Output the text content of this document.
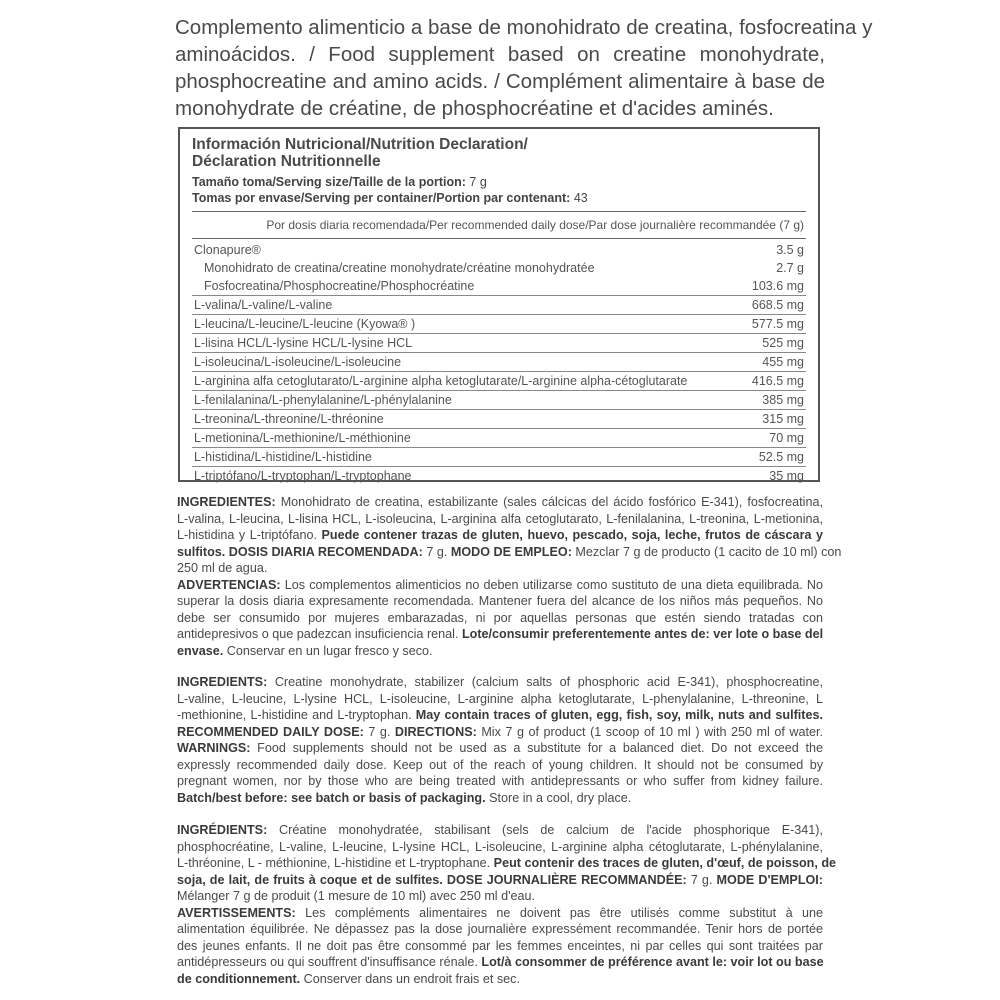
Complemento alimenticio a base de monohidrato de creatina, fosfocreatina y
aminoácidos. / Food supplement based on creatine monohydrate,
phosphocreatine and amino acids. / Complément alimentaire à base de
monohydrate de créatine, de phosphocréatine et d'acides aminés.
Información Nutricional/Nutrition Declaration/
Déclaration Nutritionnelle
Tamaño toma/Serving size/Taille de la portion: 7 g
Tomas por envase/Serving per container/Portion par contenant: 43
Por dosis diaria recomendada/Per recommended daily dose/Par dose journalière recommandée (7 g)
Clonapure®	3.5 g
Monohidrato de creatina/creatine monohydrate/créatine monohydratée	2.7 g
Fosfocreatina/Phosphocreatine/Phosphocréatine	103.6 mg
L-valina/L-valine/L-valine	668.5 mg
L-leucina/L-leucine/L-leucine (Kyowa® )	577.5 mg
L-lisina HCL/L-lysine HCL/L-lysine HCL	525 mg
L-isoleucina/L-isoleucine/L-isoleucine	455 mg
L-arginina alfa cetoglutarato/L-arginine alpha ketoglutarate/L-arginine alpha-cétoglutarate	416.5 mg
L-fenilalanina/L-phenylalanine/L-phénylalanine	385 mg
L-treonina/L-threonine/L-thréonine	315 mg
L-metionina/L-methionine/L-méthionine	70 mg
L-histidina/L-histidine/L-histidine	52.5 mg
L-triptófano/L-tryptophan/L-tryptophane	35 mg
INGREDIENTES: Monohidrato de creatina, estabilizante (sales cálcicas del ácido fosfórico E-341), fosfocreatina,
L-valina, L-leucina, L-lisina HCL, L-isoleucina, L-arginina alfa cetoglutarato, L-fenilalanina, L-treonina, L-metionina,
L-histidina y L-triptófano. Puede contener trazas de gluten, huevo, pescado, soja, leche, frutos de cáscara y
sulfitos. DOSIS DIARIA RECOMENDADA: 7 g. MODO DE EMPLEO: Mezclar 7 g de producto (1 cacito de 10 ml) con
250 ml de agua.
ADVERTENCIAS: Los complementos alimenticios no deben utilizarse como sustituto de una dieta equilibrada. No
superar la dosis diaria expresamente recomendada. Mantener fuera del alcance de los niños más pequeños. No
debe ser consumido por mujeres embarazadas, ni por aquellas personas que estén siendo tratadas con
antidepresivos o que padezcan insuficiencia renal. Lote/consumir preferentemente antes de: ver lote o base del
envase. Conservar en un lugar fresco y seco.
INGREDIENTS: Creatine monohydrate, stabilizer (calcium salts of phosphoric acid E-341), phosphocreatine,
L-valine, L-leucine, L-lysine HCL, L-isoleucine, L-arginine alpha ketoglutarate, L-phenylalanine, L-threonine, L
-methionine, L-histidine and L-tryptophan. May contain traces of gluten, egg, fish, soy, milk, nuts and sulfites.
RECOMMENDED DAILY DOSE: 7 g. DIRECTIONS: Mix 7 g of product (1 scoop of 10 ml ) with 250 ml of water.
WARNINGS: Food supplements should not be used as a substitute for a balanced diet. Do not exceed the
expressly recommended daily dose. Keep out of the reach of young children. It should not be consumed by
pregnant women, nor by those who are being treated with antidepressants or who suffer from kidney failure.
Batch/best before: see batch or basis of packaging. Store in a cool, dry place.
INGRÉDIENTS: Créatine monohydratée, stabilisant (sels de calcium de l'acide phosphorique E-341),
phosphocréatine, L-valine, L-leucine, L-lysine HCL, L-isoleucine, L-arginine alpha cétoglutarate, L-phénylalanine,
L-thréonine, L - méthionine, L-histidine et L-tryptophane. Peut contenir des traces de gluten, d'œuf, de poisson, de
soja, de lait, de fruits à coque et de sulfites. DOSE JOURNALIÈRE RECOMMANDÉE: 7 g. MODE D'EMPLOI:
Mélanger 7 g de produit (1 mesure de 10 ml) avec 250 ml d'eau.
AVERTISSEMENTS: Les compléments alimentaires ne doivent pas être utilisés comme substitut à une
alimentation équilibrée. Ne dépassez pas la dose journalière expressément recommandée. Tenir hors de portée
des jeunes enfants. Il ne doit pas être consommé par les femmes enceintes, ni par celles qui sont traitées par
antidépresseurs ou qui souffrent d'insuffisance rénale. Lot/à consommer de préférence avant le: voir lot ou base
de conditionnement. Conserver dans un endroit frais et sec.
